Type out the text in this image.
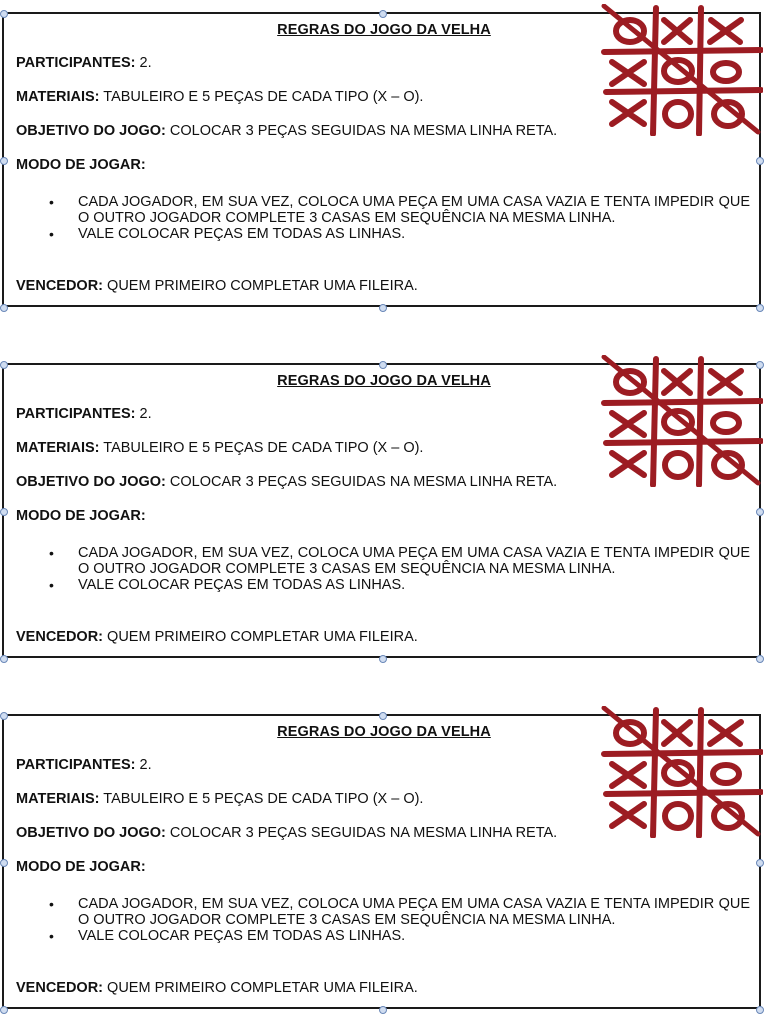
REGRAS DO JOGO DA VELHA
PARTICIPANTES: 2.
MATERIAIS: TABULEIRO E 5 PEÇAS DE CADA TIPO (X – O).
OBJETIVO DO JOGO: COLOCAR 3 PEÇAS SEGUIDAS NA MESMA LINHA RETA.
MODO DE JOGAR:
• CADA JOGADOR, EM SUA VEZ, COLOCA UMA PEÇA EM UMA CASA VAZIA E TENTA IMPEDIR QUE O OUTRO JOGADOR COMPLETE 3 CASAS EM SEQUÊNCIA NA MESMA LINHA.
• VALE COLOCAR PEÇAS EM TODAS AS LINHAS.
VENCEDOR: QUEM PRIMEIRO COMPLETAR UMA FILEIRA.
REGRAS DO JOGO DA VELHA
PARTICIPANTES: 2.
MATERIAIS: TABULEIRO E 5 PEÇAS DE CADA TIPO (X – O).
OBJETIVO DO JOGO: COLOCAR 3 PEÇAS SEGUIDAS NA MESMA LINHA RETA.
MODO DE JOGAR:
• CADA JOGADOR, EM SUA VEZ, COLOCA UMA PEÇA EM UMA CASA VAZIA E TENTA IMPEDIR QUE O OUTRO JOGADOR COMPLETE 3 CASAS EM SEQUÊNCIA NA MESMA LINHA.
• VALE COLOCAR PEÇAS EM TODAS AS LINHAS.
VENCEDOR: QUEM PRIMEIRO COMPLETAR UMA FILEIRA.
REGRAS DO JOGO DA VELHA
PARTICIPANTES: 2.
MATERIAIS: TABULEIRO E 5 PEÇAS DE CADA TIPO (X – O).
OBJETIVO DO JOGO: COLOCAR 3 PEÇAS SEGUIDAS NA MESMA LINHA RETA.
MODO DE JOGAR:
• CADA JOGADOR, EM SUA VEZ, COLOCA UMA PEÇA EM UMA CASA VAZIA E TENTA IMPEDIR QUE O OUTRO JOGADOR COMPLETE 3 CASAS EM SEQUÊNCIA NA MESMA LINHA.
• VALE COLOCAR PEÇAS EM TODAS AS LINHAS.
VENCEDOR: QUEM PRIMEIRO COMPLETAR UMA FILEIRA.
